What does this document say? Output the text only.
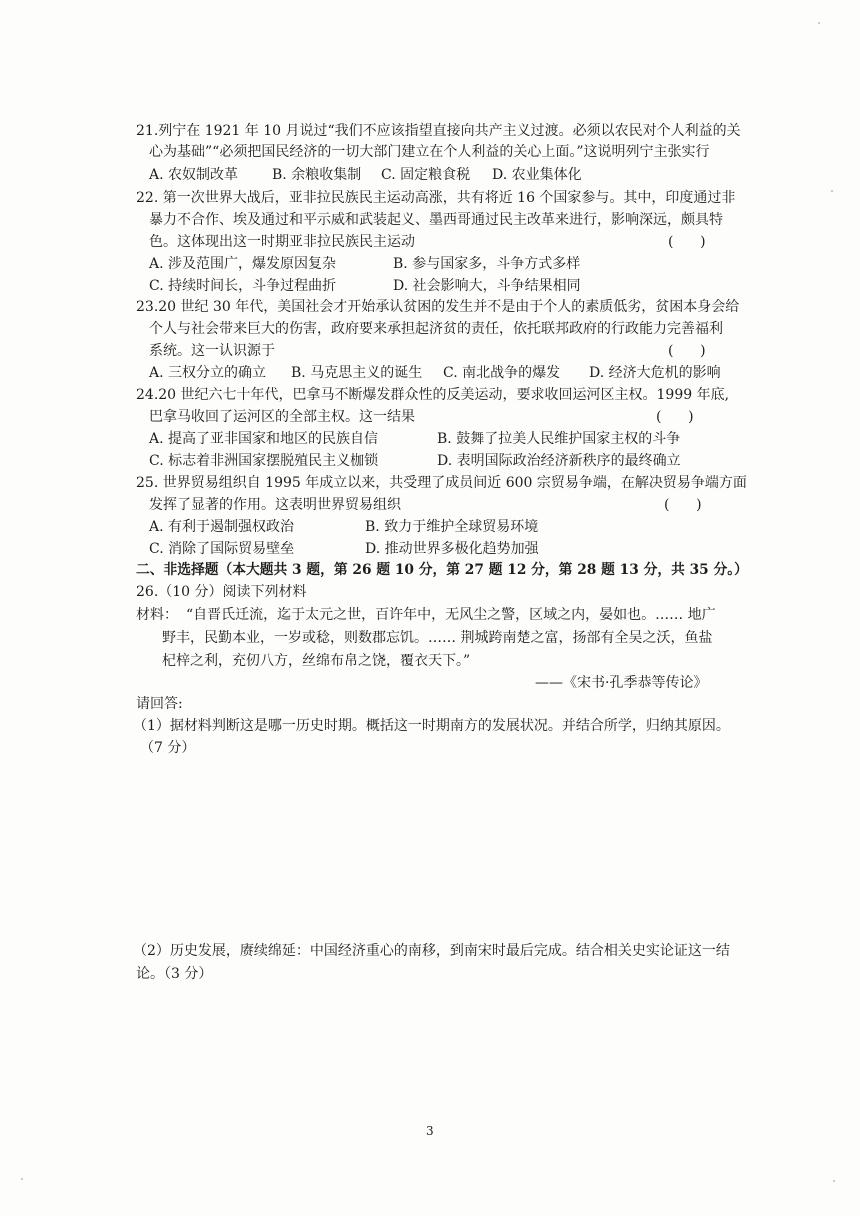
21.列宁在 1921 年 10 月说过“我们不应该指望直接向共产主义过渡。必须以农民对个人利益的关
心为基础”“必须把国民经济的一切大部门建立在个人利益的关心上面。”这说明列宁主张实行
A. 农奴制改革 B. 余粮收集制 C. 固定粮食税 D. 农业集体化
22. 第一次世界大战后，亚非拉民族民主运动高涨，共有将近 16 个国家参与。其中，印度通过非
暴力不合作、埃及通过和平示威和武装起义、墨西哥通过民主改革来进行，影响深远，颇具特
色。这体现出这一时期亚非拉民族民主运动	(      )
A. 涉及范围广，爆发原因复杂	B. 参与国家多，斗争方式多样
C. 持续时间长，斗争过程曲折	D. 社会影响大，斗争结果相同
23.20 世纪 30 年代，美国社会才开始承认贫困的发生并不是由于个人的素质低劣，贫困本身会给
个人与社会带来巨大的伤害，政府要来承担起济贫的责任，依托联邦政府的行政能力完善福利
系统。这一认识源于	(      )
A. 三权分立的确立 B. 马克思主义的诞生 C. 南北战争的爆发 D. 经济大危机的影响
24.20 世纪六七十年代，巴拿马不断爆发群众性的反美运动，要求收回运河区主权。1999 年底,
巴拿马收回了运河区的全部主权。这一结果	(      )
A. 提高了亚非国家和地区的民族自信	B. 鼓舞了拉美人民维护国家主权的斗争
C. 标志着非洲国家摆脱殖民主义枷锁	D. 表明国际政治经济新秩序的最终确立
25. 世界贸易组织自 1995 年成立以来，共受理了成员间近 600 宗贸易争端，在解决贸易争端方面
发挥了显著的作用。这表明世界贸易组织	(      )
A. 有利于遏制强权政治	B. 致力于维护全球贸易环境
C. 消除了国际贸易壁垒	D. 推动世界多极化趋势加强
二、非选择题（本大题共 3 题，第 26 题 10 分，第 27 题 12 分，第 28 题 13 分，共 35 分。）
26.（10 分）阅读下列材料
材料： “自晋氏迁流，迄于太元之世，百许年中，无风尘之警，区域之内，晏如也。…… 地广
野丰，民勤本业，一岁或稔，则数郡忘饥。…… 荆城跨南楚之富，扬部有全吴之沃，鱼盐
杞梓之利，充仞八方，丝绵布帛之饶，覆衣天下。”
——《宋书·孔季恭等传论》
请回答:
（1）据材料判断这是哪一历史时期。概括这一时期南方的发展状况。并结合所学，归纳其原因。
（7 分）
（2）历史发展，赓续绵延：中国经济重心的南移，到南宋时最后完成。结合相关史实论证这一结
论。（3 分）
3
